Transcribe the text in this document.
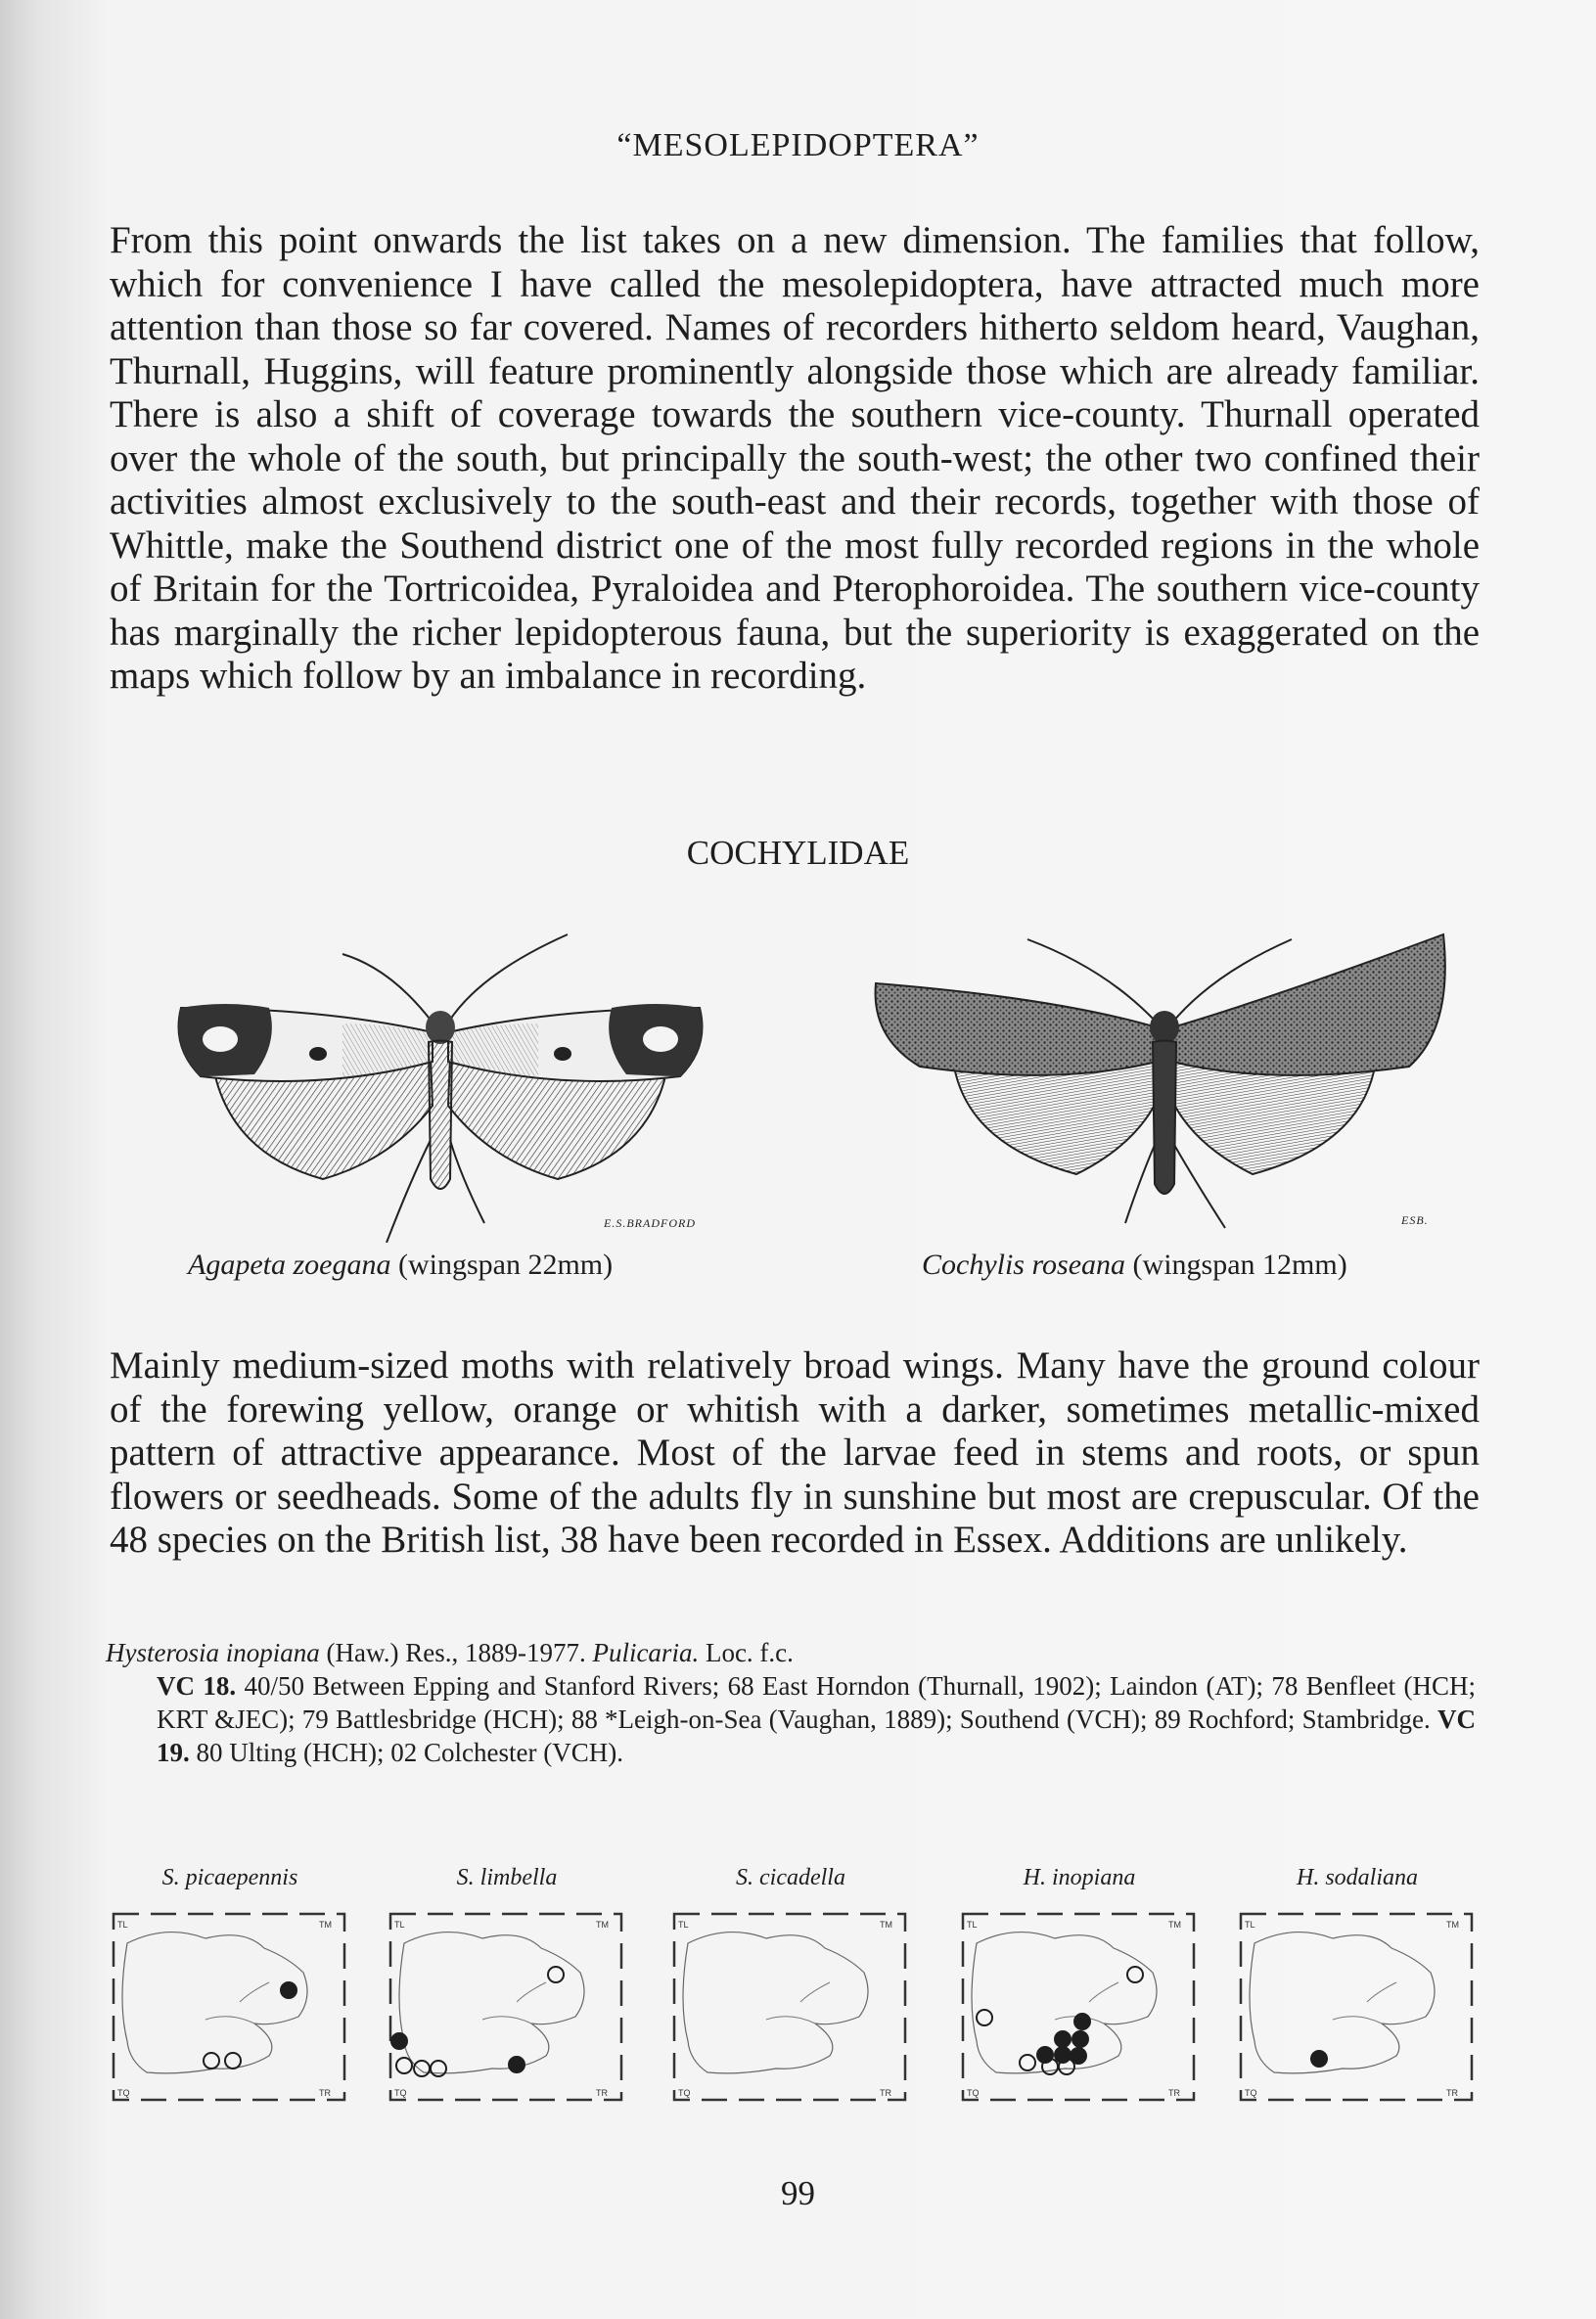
“MESOLEPIDOPTERA”

From this point onwards the list takes on a new dimension. The families that follow, which for convenience I have called the mesolepidoptera, have attracted much more attention than those so far covered. Names of recorders hitherto seldom heard, Vaughan, Thurnall, Huggins, will feature prominently alongside those which are already familiar. There is also a shift of coverage towards the southern vice-county. Thurnall operated over the whole of the south, but principally the south-west; the other two confined their activities almost exclusively to the south-east and their records, together with those of Whittle, make the Southend district one of the most fully recorded regions in the whole of Britain for the Tortricoidea, Pyraloidea and Pterophoroidea. The southern vice-county has marginally the richer lepidopterous fauna, but the superiority is exaggerated on the maps which follow by an imbalance in recording.

COCHYLIDAE
E.S.BRADFORD	ESB.
Agapeta zoegana (wingspan 22mm)	Cochylis roseana (wingspan 12mm)

Mainly medium-sized moths with relatively broad wings. Many have the ground colour of the forewing yellow, orange or whitish with a darker, sometimes metallic-mixed pattern of attractive appearance. Most of the larvae feed in stems and roots, or spun flowers or seedheads. Some of the adults fly in sunshine but most are crepuscular. Of the 48 species on the British list, 38 have been recorded in Essex. Additions are unlikely.

Hysterosia inopiana (Haw.) Res., 1889-1977. Pulicaria. Loc. f.c.
VC 18. 40/50 Between Epping and Stanford Rivers; 68 East Horndon (Thurnall, 1902); Laindon (AT); 78 Benfleet (HCH; KRT &JEC); 79 Battlesbridge (HCH); 88 *Leigh-on-Sea (Vaughan, 1889); Southend (VCH); 89 Rochford; Stambridge. VC 19. 80 Ulting (HCH); 02 Colchester (VCH).
S. picaepennis
TL	TM
TQ	TR
S. limbella
TL	TM
TQ	TR
S. cicadella
TL	TM
TQ	TR
H. inopiana
TL	TM
TQ	TR
H. sodaliana
TL	TM
TQ	TR
99
